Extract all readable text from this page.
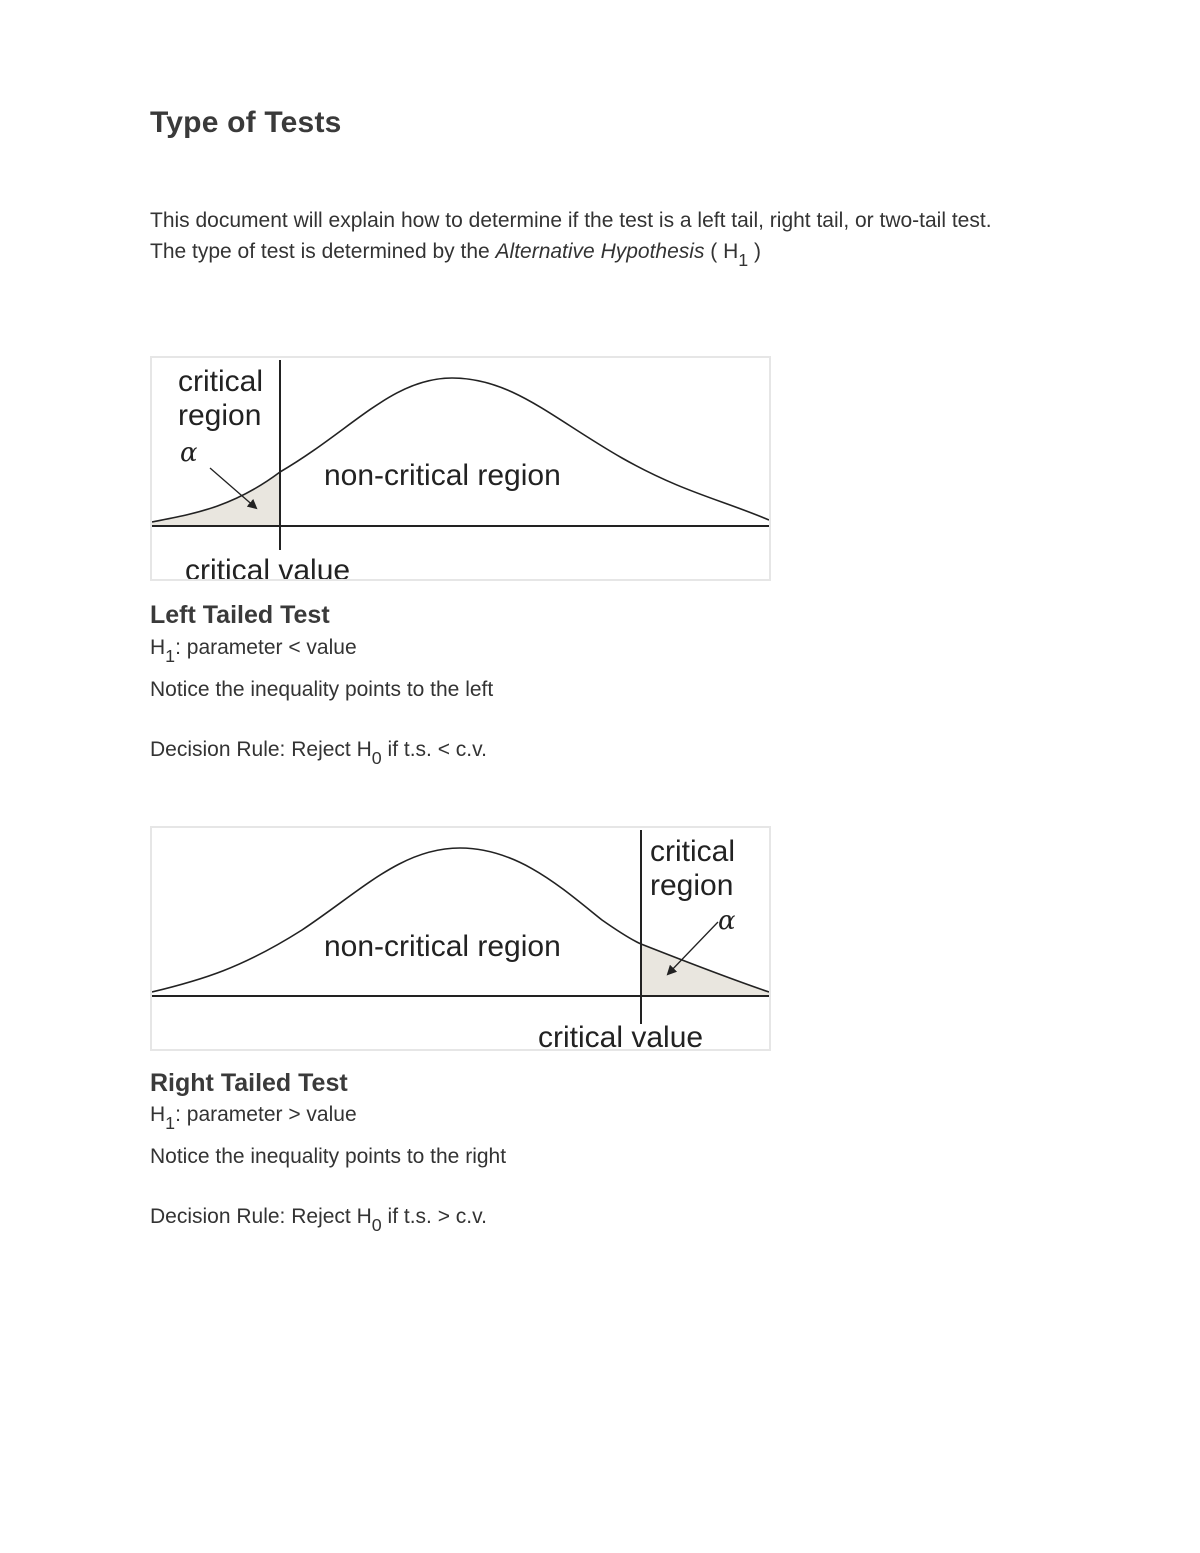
Type of Tests

This document will explain how to determine if the test is a left tail, right tail, or two-tail test.

The type of test is determined by the Alternative Hypothesis ( $H_1$ )

critical
region
α
non-critical region
critical value
Left Tailed Test

$H_1$: parameter < value

Notice the inequality points to the left

Decision Rule: Reject $H_0$ if t.s. < c.v.

critical
region
α
non-critical region
critical value
Right Tailed Test

$H_1$: parameter > value

Notice the inequality points to the right

Decision Rule: Reject $H_0$ if t.s. > c.v.
